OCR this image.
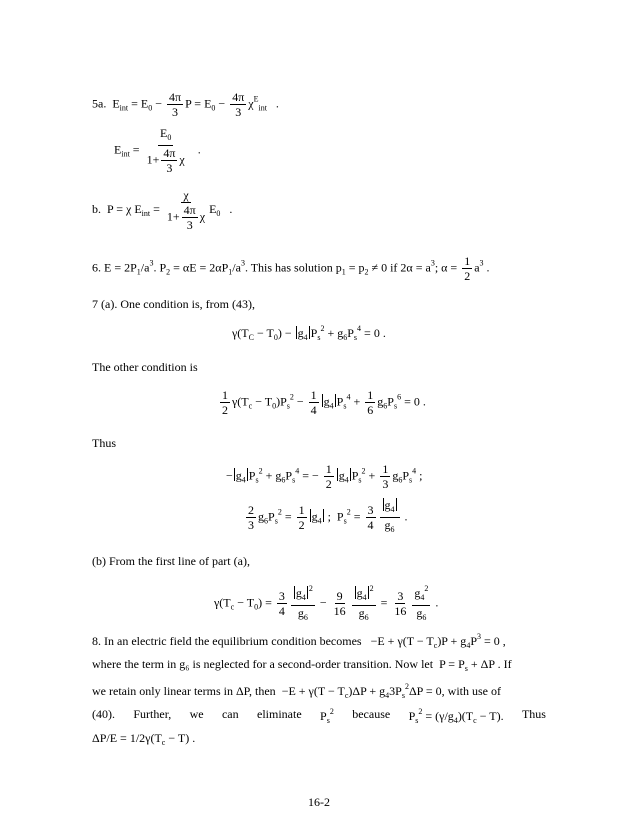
5a.  $E_{int} = E_0 - \frac{4\pi}{3}$ $P = E_0 - \frac{4\pi}{3} \chi^E_{int}$   .
$E_{int} = \frac{E_0}{1+ \frac{4\pi}{3} \chi}$ .
b.  P = χ $E_{int} = \frac{\chi}{1+ \frac{4\pi}{3} \chi} E_0$   .
6. $E = 2P_1/a^3$. $P_2 = \alpha E = 2\alpha P_1/a^3$. This has solution $p_1 = p_2 \ne 0$ if $2\alpha = a^3$; $\alpha = \frac{1}{2} a^3$ .
7 (a). One condition is, from (43),
$\gamma(T_C - T_0) - g_4$ $P_s^2 + g_6P_s^4 = 0$ .
The other condition is
$\frac{1}{2} \gamma(T_c - T_0)P_s^2 - \frac{1}{4} g_4$ $P_s^4 + \frac{1}{6} g_6P_s^6 = 0$ .
Thus
− $g_4$ $P_s^2 + g_6P_s^4$ = − $\frac{1}{2} g_4$ $P_s^2 + \frac{1}{3} g_6P_s^4$ ;
$\frac{2}{3} g_6P_s^2 = \frac{1}{2} g_4$ ;  $P_s^2 = \frac{3}{4} \frac{g_4}{g_6}$ .
(b) From the first line of part (a),
$\gamma(T_c - T_0) = \frac{3}{4} \frac{g_4^2}{g_6} - \frac{9}{16} \frac{g_4^2}{g_6} = \frac{3}{16} \frac{g_4^2}{g_6}$ .
8. In an electric field the equilibrium condition becomes $-E + \gamma(T - T_c)P + g_4P^3 = 0$ ,
where the term in g₆ is neglected for a second-order transition. Now let  $P = P_s + \Delta P$ . If
we retain only linear terms in ΔP, then  $-E + \gamma(T - T_c)\Delta P + g_43P_s^2\Delta P = 0$, with use of
(40). Further, we can eliminate $P_s^2$ because $P_s^2 = (\gamma/g_4)(T_c - T)$. Thus
$\Delta P/E = 1/2\gamma(T_c - T)$ .
16-2
